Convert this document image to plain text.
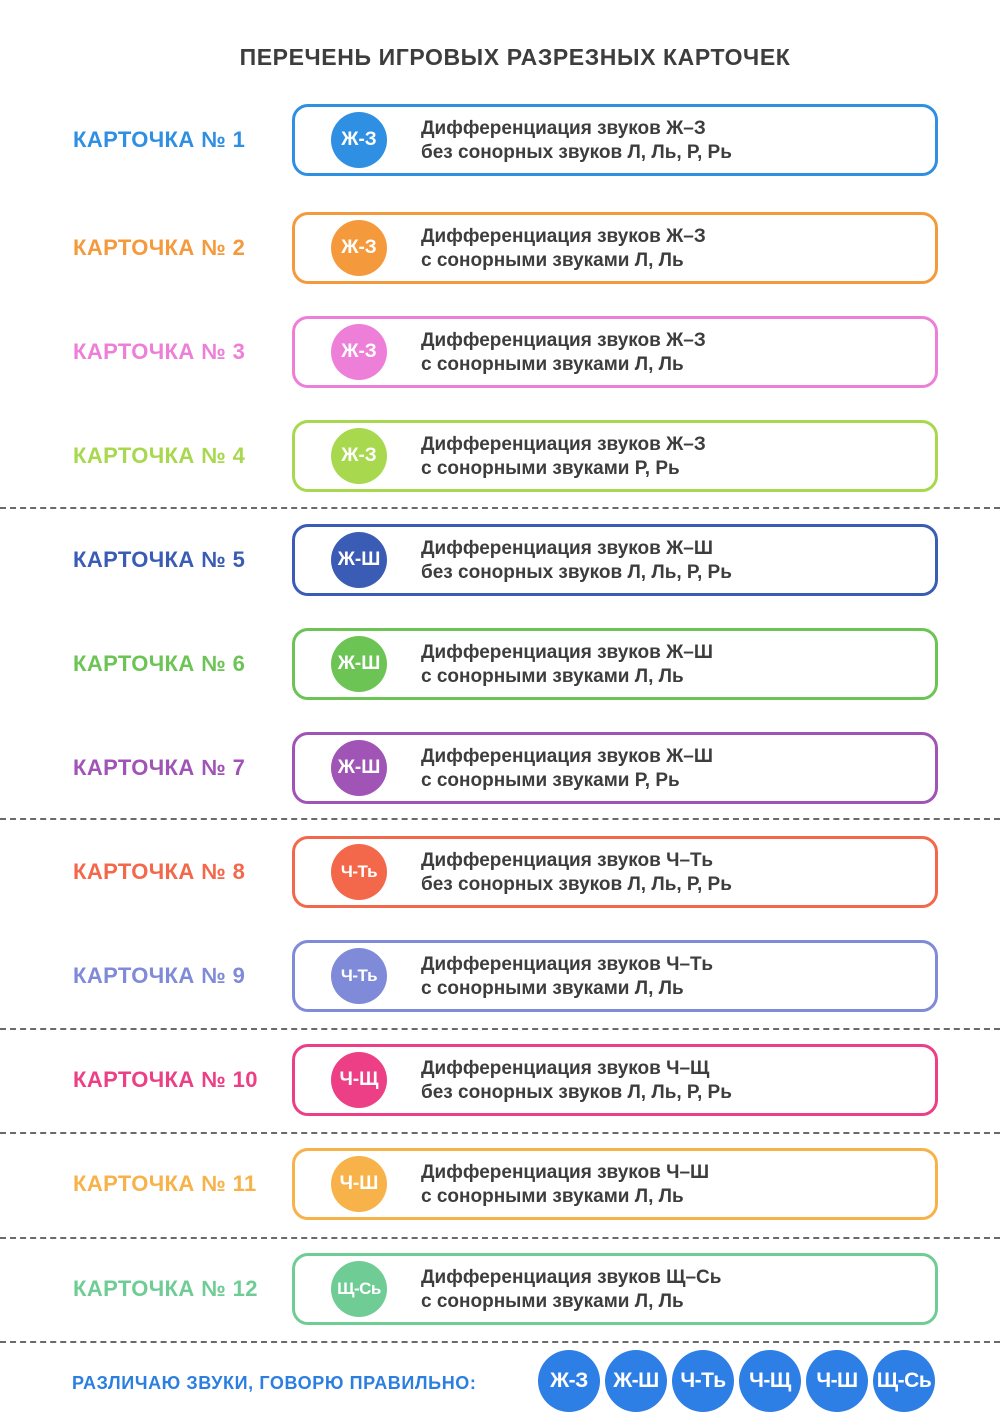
ПЕРЕЧЕНЬ ИГРОВЫХ РАЗРЕЗНЫХ КАРТОЧЕК
КАРТОЧКА № 1	Ж-З
Дифференциация звуков Ж–З
без сонорных звуков Л, Ль, Р, Рь
КАРТОЧКА № 2	Ж-З
Дифференциация звуков Ж–З
с сонорными звуками Л, Ль
КАРТОЧКА № 3	Ж-З
Дифференциация звуков Ж–З
с сонорными звуками Л, Ль
КАРТОЧКА № 4	Ж-З
Дифференциация звуков Ж–З
с сонорными звуками Р, Рь
КАРТОЧКА № 5	Ж-Ш
Дифференциация звуков Ж–Ш
без сонорных звуков Л, Ль, Р, Рь
КАРТОЧКА № 6	Ж-Ш
Дифференциация звуков Ж–Ш
с сонорными звуками Л, Ль
КАРТОЧКА № 7	Ж-Ш
Дифференциация звуков Ж–Ш
с сонорными звуками Р, Рь
КАРТОЧКА № 8	Ч-Ть
Дифференциация звуков Ч–Ть
без сонорных звуков Л, Ль, Р, Рь
КАРТОЧКА № 9	Ч-Ть
Дифференциация звуков Ч–Ть
с сонорными звуками Л, Ль
КАРТОЧКА № 10	Ч-Щ
Дифференциация звуков Ч–Щ
без сонорных звуков Л, Ль, Р, Рь
КАРТОЧКА № 11	Ч-Ш
Дифференциация звуков Ч–Ш
с сонорными звуками Л, Ль
КАРТОЧКА № 12	Щ-Сь
Дифференциация звуков Щ–Сь
с сонорными звуками Л, Ль
РАЗЛИЧАЮ ЗВУКИ, ГОВОРЮ ПРАВИЛЬНО:	Ж-З	Ж-Ш	Ч-Ть	Ч-Щ	Ч-Ш Щ-Сь
